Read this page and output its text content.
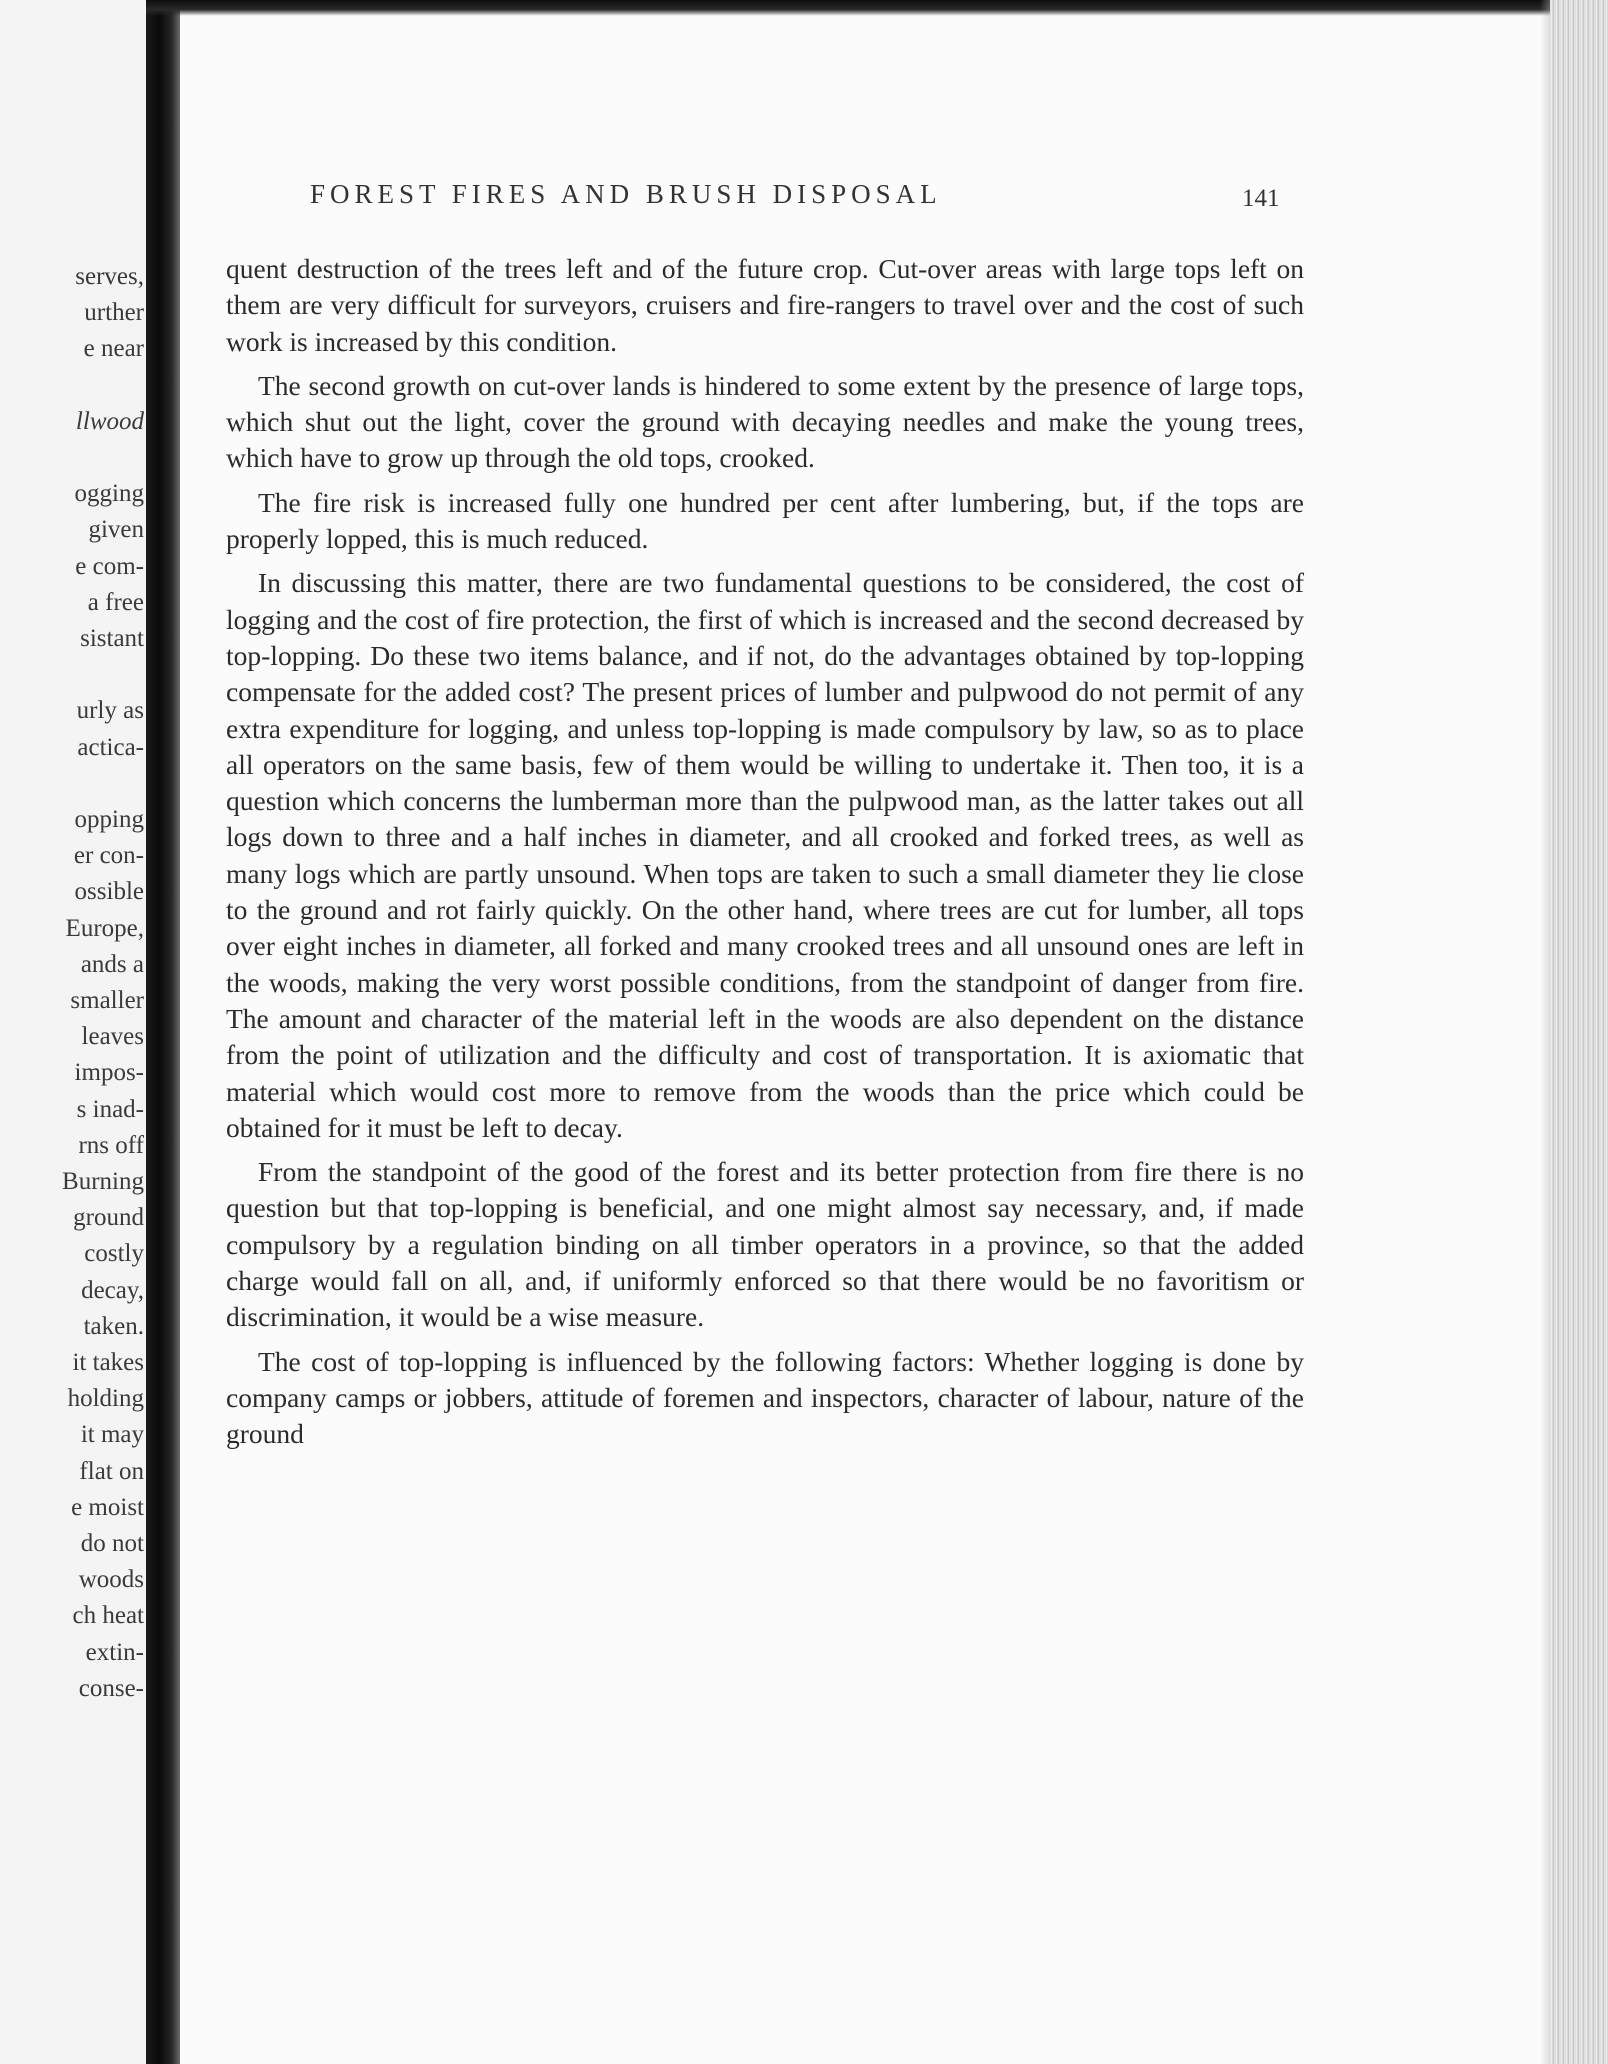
serves,
urther
e near
llwood
ogging
given
e com-
a free
sistant
urly as
actica-
opping
er con-
ossible
Europe,
ands a
smaller
leaves
impos-
s inad-
rns off
Burning
ground
costly
decay,
taken.
it takes
holding
it may
flat on
e moist
do not
woods
ch heat
extin-
conse-
FOREST FIRES AND BRUSH DISPOSAL	141

quent destruction of the trees left and of the future crop. Cut-over areas with large tops left on them are very difficult for surveyors, cruisers and fire-rangers to travel over and the cost of such work is increased by this condition.

The second growth on cut-over lands is hindered to some extent by the presence of large tops, which shut out the light, cover the ground with decaying needles and make the young trees, which have to grow up through the old tops, crooked.

The fire risk is increased fully one hundred per cent after lumbering, but, if the tops are properly lopped, this is much reduced.

In discussing this matter, there are two fundamental questions to be considered, the cost of logging and the cost of fire protection, the first of which is increased and the second decreased by top-lopping. Do these two items balance, and if not, do the advantages obtained by top-lopping compensate for the added cost? The present prices of lumber and pulpwood do not permit of any extra expenditure for logging, and unless top-lopping is made compulsory by law, so as to place all operators on the same basis, few of them would be willing to undertake it. Then too, it is a question which concerns the lumberman more than the pulpwood man, as the latter takes out all logs down to three and a half inches in diameter, and all crooked and forked trees, as well as many logs which are partly unsound. When tops are taken to such a small diameter they lie close to the ground and rot fairly quickly. On the other hand, where trees are cut for lumber, all tops over eight inches in diameter, all forked and many crooked trees and all unsound ones are left in the woods, making the very worst possible conditions, from the standpoint of danger from fire. The amount and character of the material left in the woods are also dependent on the distance from the point of utilization and the difficulty and cost of transportation. It is axiomatic that material which would cost more to remove from the woods than the price which could be obtained for it must be left to decay.

From the standpoint of the good of the forest and its better protection from fire there is no question but that top-lopping is beneficial, and one might almost say necessary, and, if made compulsory by a regulation binding on all timber operators in a province, so that the added charge would fall on all, and, if uniformly enforced so that there would be no favoritism or discrimination, it would be a wise measure.

The cost of top-lopping is influenced by the following factors: Whether logging is done by company camps or jobbers, attitude of foremen and inspectors, character of labour, nature of the ground
